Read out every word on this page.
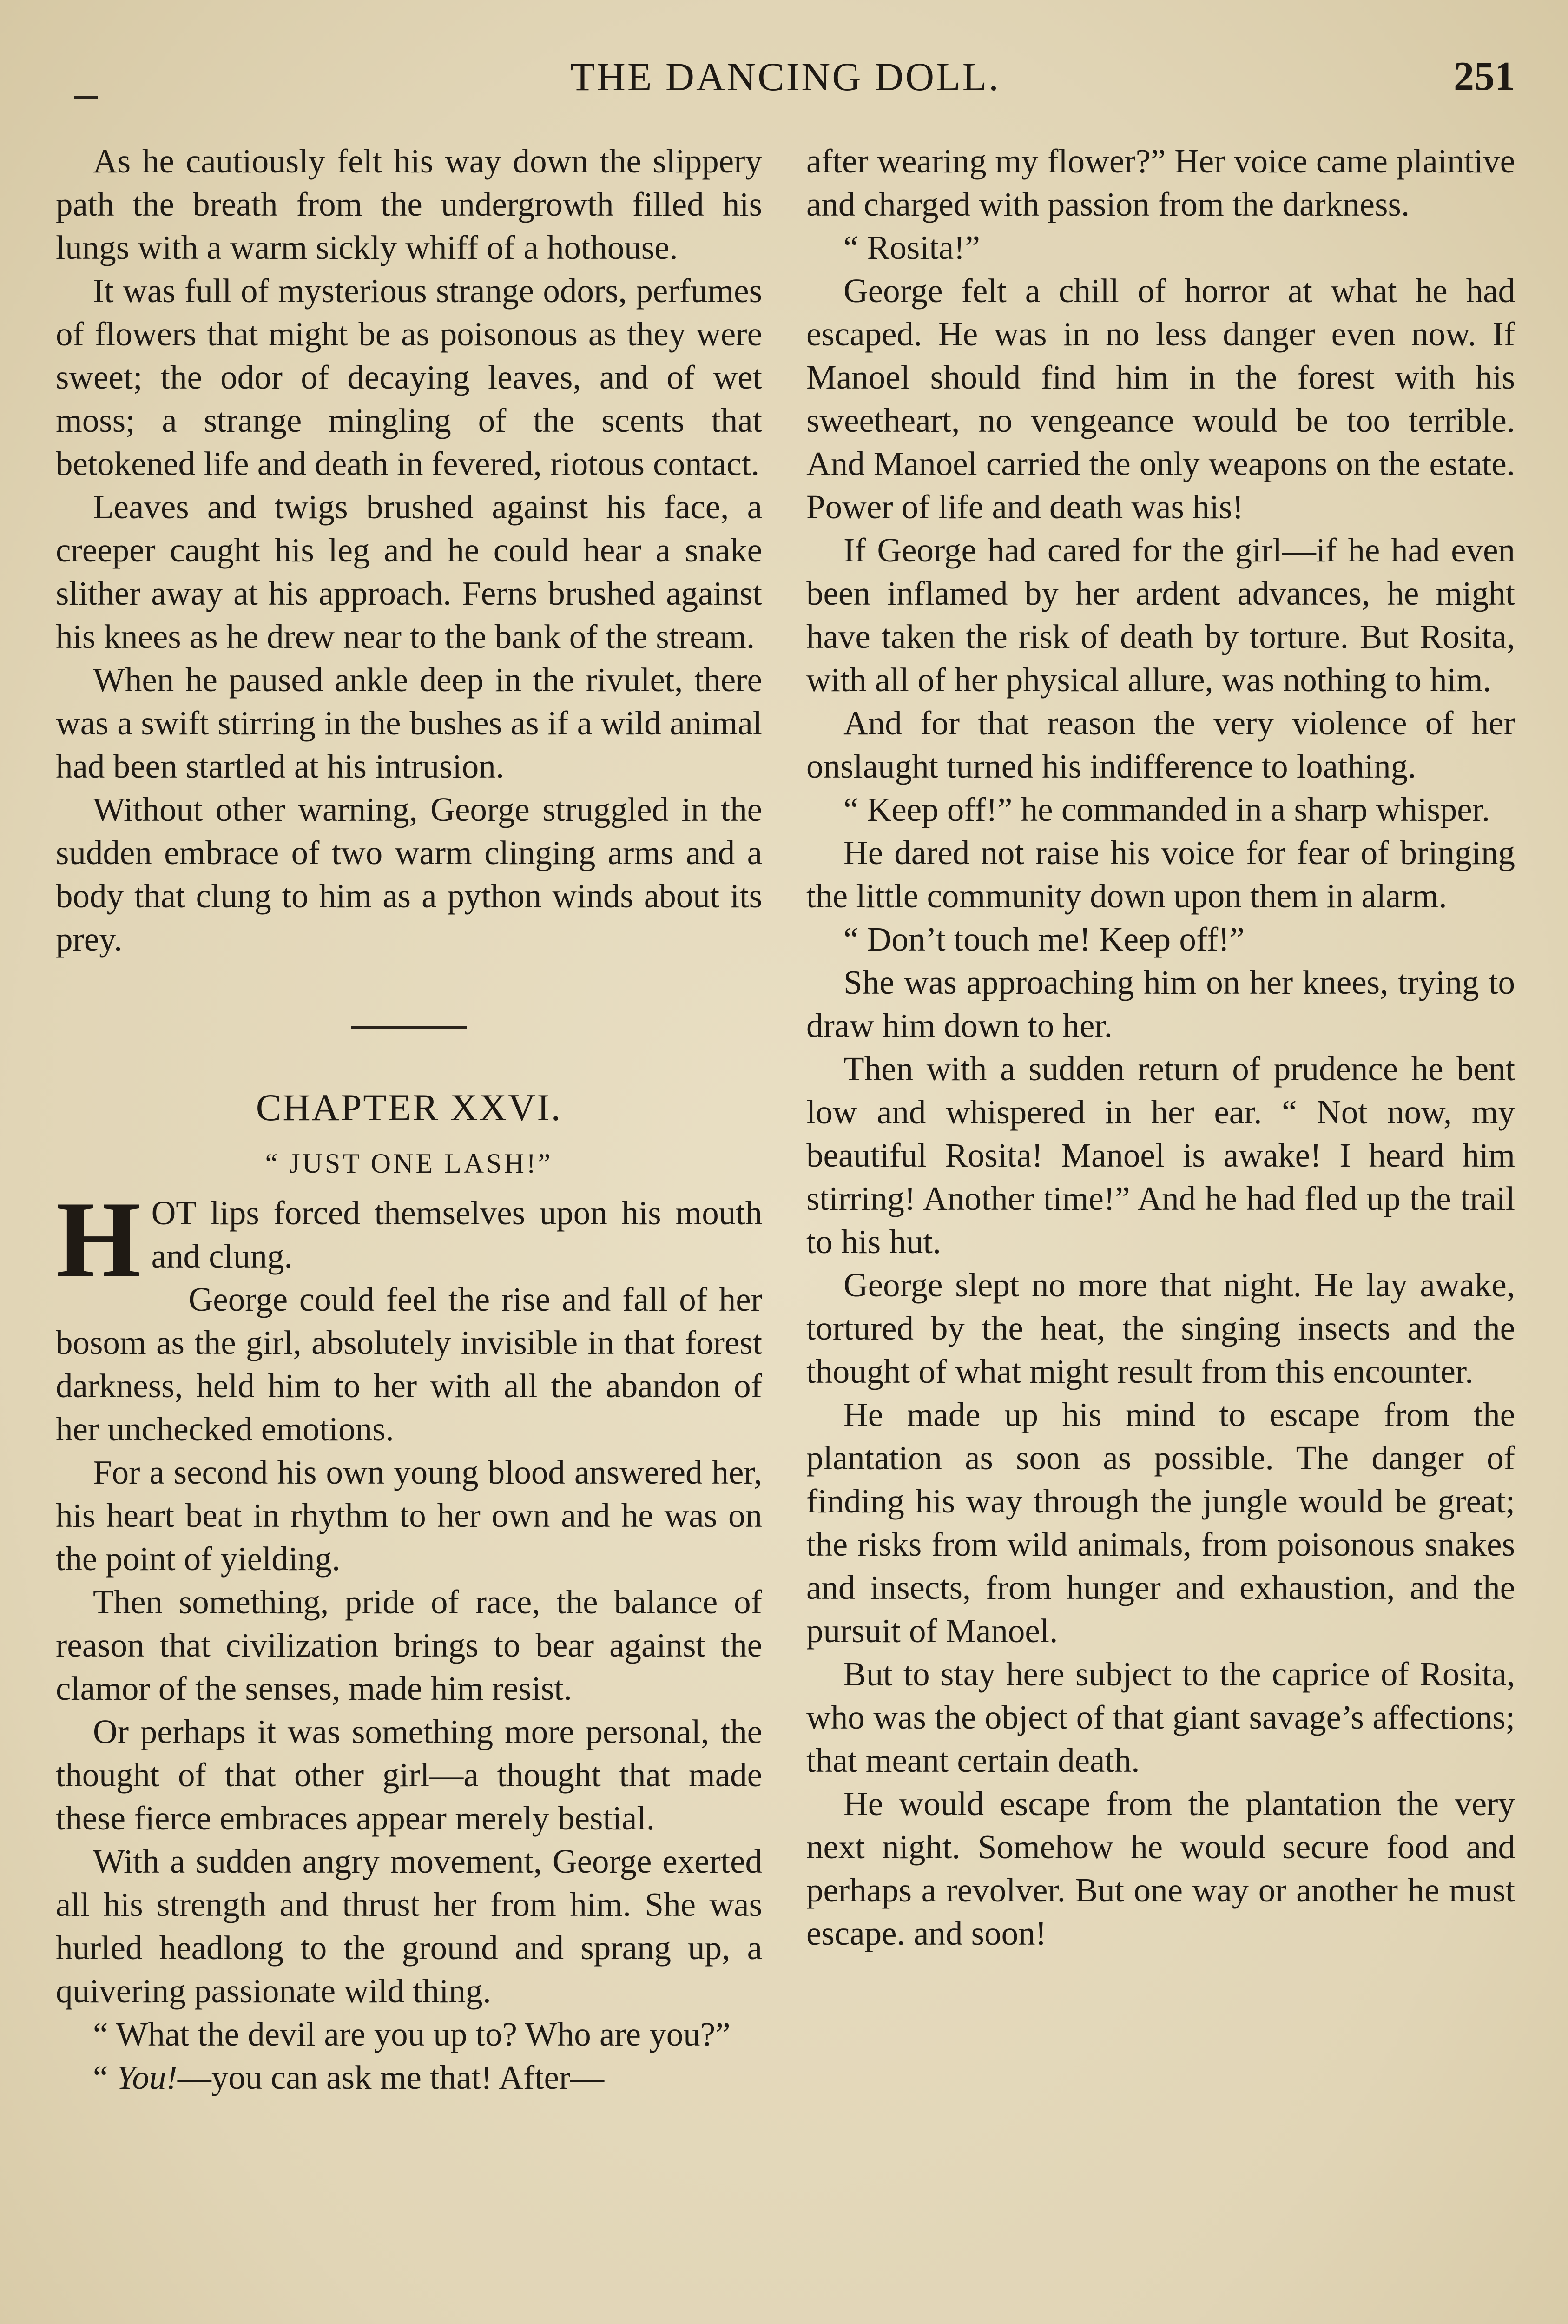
THE DANCING DOLL.	251

As he cautiously felt his way down the slippery path the breath from the undergrowth filled his lungs with a warm sickly whiff of a hothouse.

It was full of mysterious strange odors, perfumes of flowers that might be as poisonous as they were sweet; the odor of decaying leaves, and of wet moss; a strange mingling of the scents that betokened life and death in fevered, riotous contact.

Leaves and twigs brushed against his face, a creeper caught his leg and he could hear a snake slither away at his approach. Ferns brushed against his knees as he drew near to the bank of the stream.

When he paused ankle deep in the rivulet, there was a swift stirring in the bushes as if a wild animal had been startled at his intrusion.

Without other warning, George struggled in the sudden embrace of two warm clinging arms and a body that clung to him as a python winds about its prey.

CHAPTER XXVI.
“ JUST ONE LASH!”
H OT lips forced themselves upon his mouth and clung.

George could feel the rise and fall of her bosom as the girl, absolutely invisible in that forest darkness, held him to her with all the abandon of her unchecked emotions.

For a second his own young blood answered her, his heart beat in rhythm to her own and he was on the point of yielding.

Then something, pride of race, the balance of reason that civilization brings to bear against the clamor of the senses, made him resist.

Or perhaps it was something more personal, the thought of that other girl—a thought that made these fierce embraces appear merely bestial.

With a sudden angry movement, George exerted all his strength and thrust her from him. She was hurled headlong to the ground and sprang up, a quivering passionate wild thing.

“ What the devil are you up to? Who are you?”

“ You!—you can ask me that! After—

after wearing my flower?” Her voice came plaintive and charged with passion from the darkness.

“ Rosita!”

George felt a chill of horror at what he had escaped. He was in no less danger even now. If Manoel should find him in the forest with his sweetheart, no vengeance would be too terrible. And Manoel carried the only weapons on the estate. Power of life and death was his!

If George had cared for the girl—if he had even been inflamed by her ardent advances, he might have taken the risk of death by torture. But Rosita, with all of her physical allure, was nothing to him.

And for that reason the very violence of her onslaught turned his indifference to loathing.

“ Keep off!” he commanded in a sharp whisper.

He dared not raise his voice for fear of bringing the little community down upon them in alarm.

“ Don’t touch me! Keep off!”

She was approaching him on her knees, trying to draw him down to her.

Then with a sudden return of prudence he bent low and whispered in her ear. “ Not now, my beautiful Rosita! Manoel is awake! I heard him stirring! Another time!” And he had fled up the trail to his hut.

George slept no more that night. He lay awake, tortured by the heat, the singing insects and the thought of what might result from this encounter.

He made up his mind to escape from the plantation as soon as possible. The danger of finding his way through the jungle would be great; the risks from wild animals, from poisonous snakes and insects, from hunger and exhaustion, and the pursuit of Manoel.

But to stay here subject to the caprice of Rosita, who was the object of that giant savage’s affections; that meant certain death.

He would escape from the plantation the very next night. Somehow he would secure food and perhaps a revolver. But one way or another he must escape. and soon!
